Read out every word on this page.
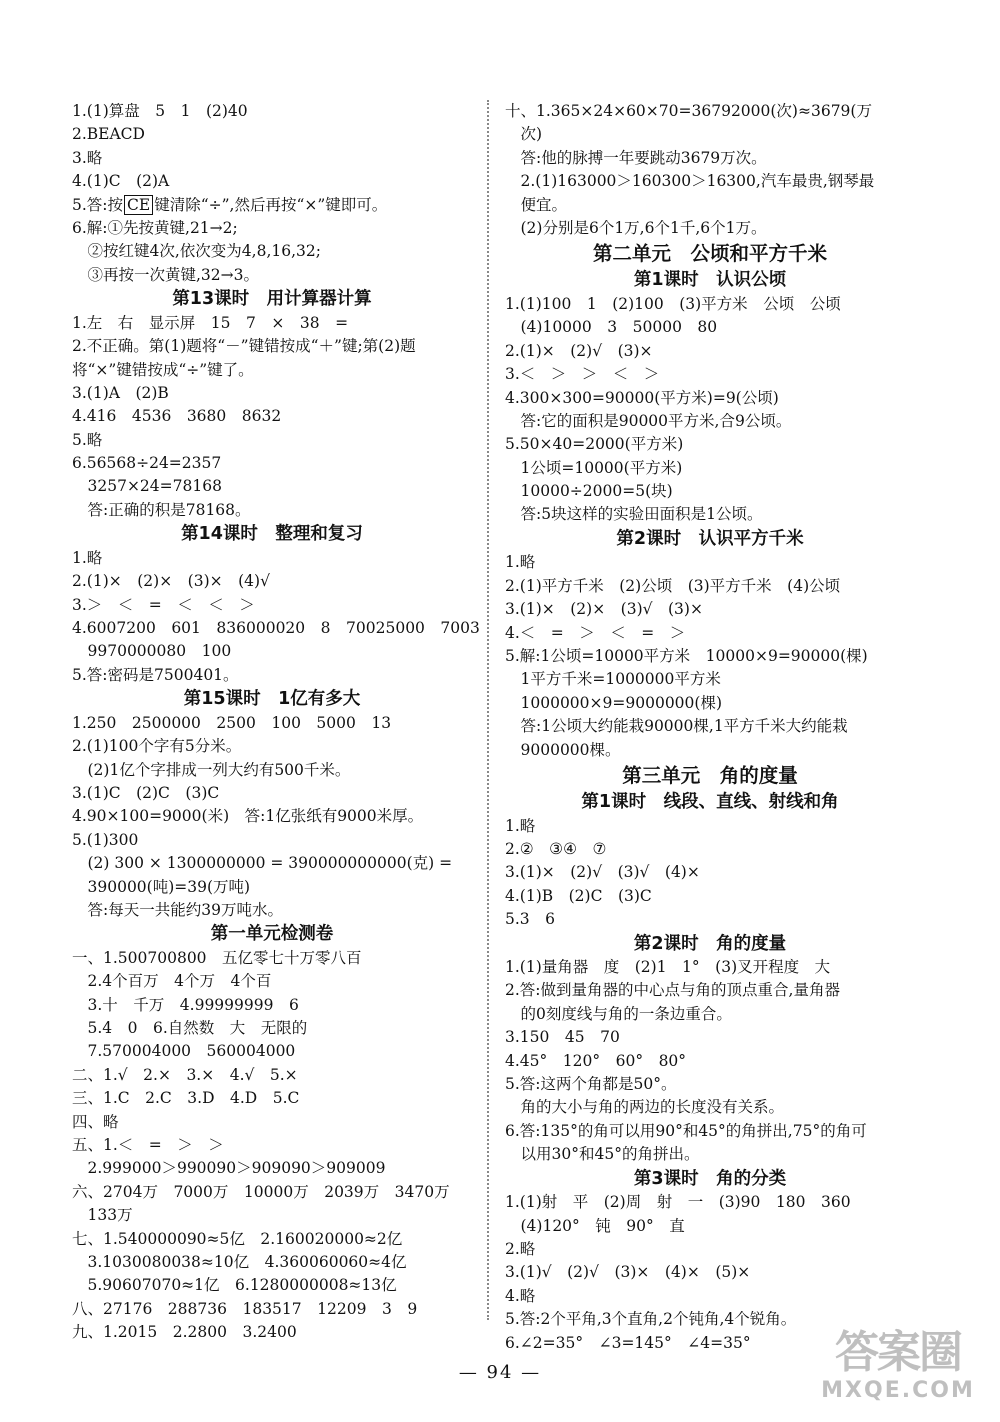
1.(1)算盘　5　1　(2)40
2.BEACD
3.略
4.(1)C　(2)A
5.答:按 CE 键清除“÷”,然后再按“×”键即可。
6.解:①先按黄键,21→2;
　②按红键4次,依次变为4,8,16,32;
　③再按一次黄键,32→3。
第13课时　用计算器计算
1.左　右　显示屏　15　7　×　38　=
2.不正确。第(1)题将“－”键错按成“＋”键;第(2)题
将“×”键错按成“÷”键了。
3.(1)A　(2)B
4.416　4536　3680　8632
5.略
6.56568÷24=2357
　3257×24=78168
　答:正确的积是78168。
第14课时　整理和复习
1.略
2.(1)×　(2)×　(3)×　(4)√
3.＞　＜　=　＜　＜　＞
4.6007200　601　836000020　8　70025000　7003
　9970000080　100
5.答:密码是7500401。
第15课时　1亿有多大
1.250　2500000　2500　100　5000　13
2.(1)100个字有5分米。
　(2)1亿个字排成一列大约有500千米。
3.(1)C　(2)C　(3)C
4.90×100=9000(米)　答:1亿张纸有9000米厚。
5.(1)300
　(2) 300 × 1300000000 = 390000000000(克) =
　390000(吨)=39(万吨)
　答:每天一共能约39万吨水。
第一单元检测卷
一、1.500700800　五亿零七十万零八百
　2.4个百万　4个万　4个百
　3.十　千万　4.99999999　6
　5.4　0　6.自然数　大　无限的
　7.570004000　560004000
二、1.√　2.×　3.×　4.√　5.×
三、1.C　2.C　3.D　4.D　5.C
四、略
五、1.＜　=　＞　＞
　2.999000＞990090＞909090＞909009
六、2704万　7000万　10000万　2039万　3470万
　133万
七、1.540000090≈5亿　2.160020000≈2亿
　3.1030080038≈10亿　4.360060060≈4亿
　5.90607070≈1亿　6.1280000008≈13亿
八、27176　288736　183517　12209　3　9
九、1.2015　2.2800　3.2400
十、1.365×24×60×70=36792000(次)≈3679(万
　次)
　答:他的脉搏一年要跳动3679万次。
　2.(1)163000＞160300＞16300,汽车最贵,钢琴最
　便宜。
　(2)分别是6个1万,6个1千,6个1万。
第二单元　公顷和平方千米
第1课时　认识公顷
1.(1)100　1　(2)100　(3)平方米　公顷　公顷
　(4)10000　3　50000　80
2.(1)×　(2)√　(3)×
3.＜　＞　＞　＜　＞
4.300×300=90000(平方米)=9(公顷)
　答:它的面积是90000平方米,合9公顷。
5.50×40=2000(平方米)
　1公顷=10000(平方米)
　10000÷2000=5(块)
　答:5块这样的实验田面积是1公顷。
第2课时　认识平方千米
1.略
2.(1)平方千米　(2)公顷　(3)平方千米　(4)公顷
3.(1)×　(2)×　(3)√　(3)×
4.＜　=　＞　＜　=　＞
5.解:1公顷=10000平方米　10000×9=90000(棵)
　1平方千米=1000000平方米
　1000000×9=9000000(棵)
　答:1公顷大约能栽90000棵,1平方千米大约能栽
　9000000棵。
第三单元　角的度量
第1课时　线段、直线、射线和角
1.略
2.②　③④　⑦
3.(1)×　(2)√　(3)√　(4)×
4.(1)B　(2)C　(3)C
5.3　6
第2课时　角的度量
1.(1)量角器　度　(2)1　1°　(3)叉开程度　大
2.答:做到量角器的中心点与角的顶点重合,量角器
　的0刻度线与角的一条边重合。
3.150　45　70
4.45°　120°　60°　80°
5.答:这两个角都是50°。
　角的大小与角的两边的长度没有关系。
6.答:135°的角可以用90°和45°的角拼出,75°的角可
　以用30°和45°的角拼出。
第3课时　角的分类
1.(1)射　平　(2)周　射　一　(3)90　180　360
　(4)120°　钝　90°　直
2.略
3.(1)√　(2)√　(3)×　(4)×　(5)×
4.略
5.答:2个平角,3个直角,2个钝角,4个锐角。
6.∠2=35°　∠3=145°　∠4=35°
— 94 —	答案圈
MXQE.COM
